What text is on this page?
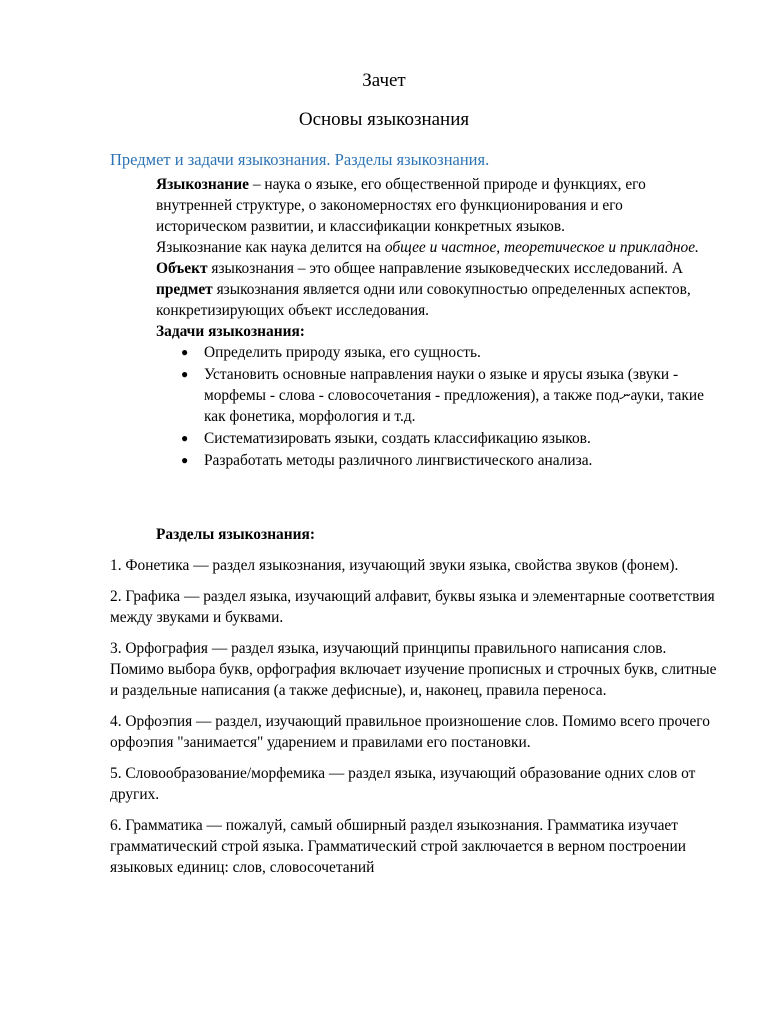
Зачет
Основы языкознания
Предмет и задачи языкознания. Разделы языкознания.

Языкознание – наука о языке, его общественной природе и функциях, его внутренней структуре, о закономерностях его функционирования и его историческом развитии, и классификации конкретных языков.

Языкознание как наука делится на общее и частное, теоретическое и прикладное.

Объект языкознания – это общее направление языковедческих исследований. А предмет языкознания является одни или совокупностью определенных аспектов, конкретизирующих объект исследования.

Задачи языкознания:

● Определить природу языка, его сущность.
● Установить основные направления науки о языке и ярусы языка (звуки - морфемы - слова - словосочетания - предложения), а также подނауки, такие как фонетика, морфология и т.д.
● Систематизировать языки, создать классификацию языков.
● Разработать методы различного лингвистического анализа.
Разделы языкознания:

1. Фонетика — раздел языкознания, изучающий звуки языка, свойства звуков (фонем).

2. Графика — раздел языка, изучающий алфавит, буквы языка и элементарные соответствия между звуками и буквами.

3. Орфография — раздел языка, изучающий принципы правильного написания слов. Помимо выбора букв, орфография включает изучение прописных и строчных букв, слитные и раздельные написания (а также дефисные), и, наконец, правила переноса.

4. Орфоэпия — раздел, изучающий правильное произношение слов. Помимо всего прочего орфоэпия "занимается" ударением и правилами его постановки.

5. Словообразование/морфемика — раздел языка, изучающий образование одних слов от других.

6. Грамматика — пожалуй, самый обширный раздел языкознания. Грамматика изучает грамматический строй языка. Грамматический строй заключается в верном построении языковых единиц: слов, словосочетаний
